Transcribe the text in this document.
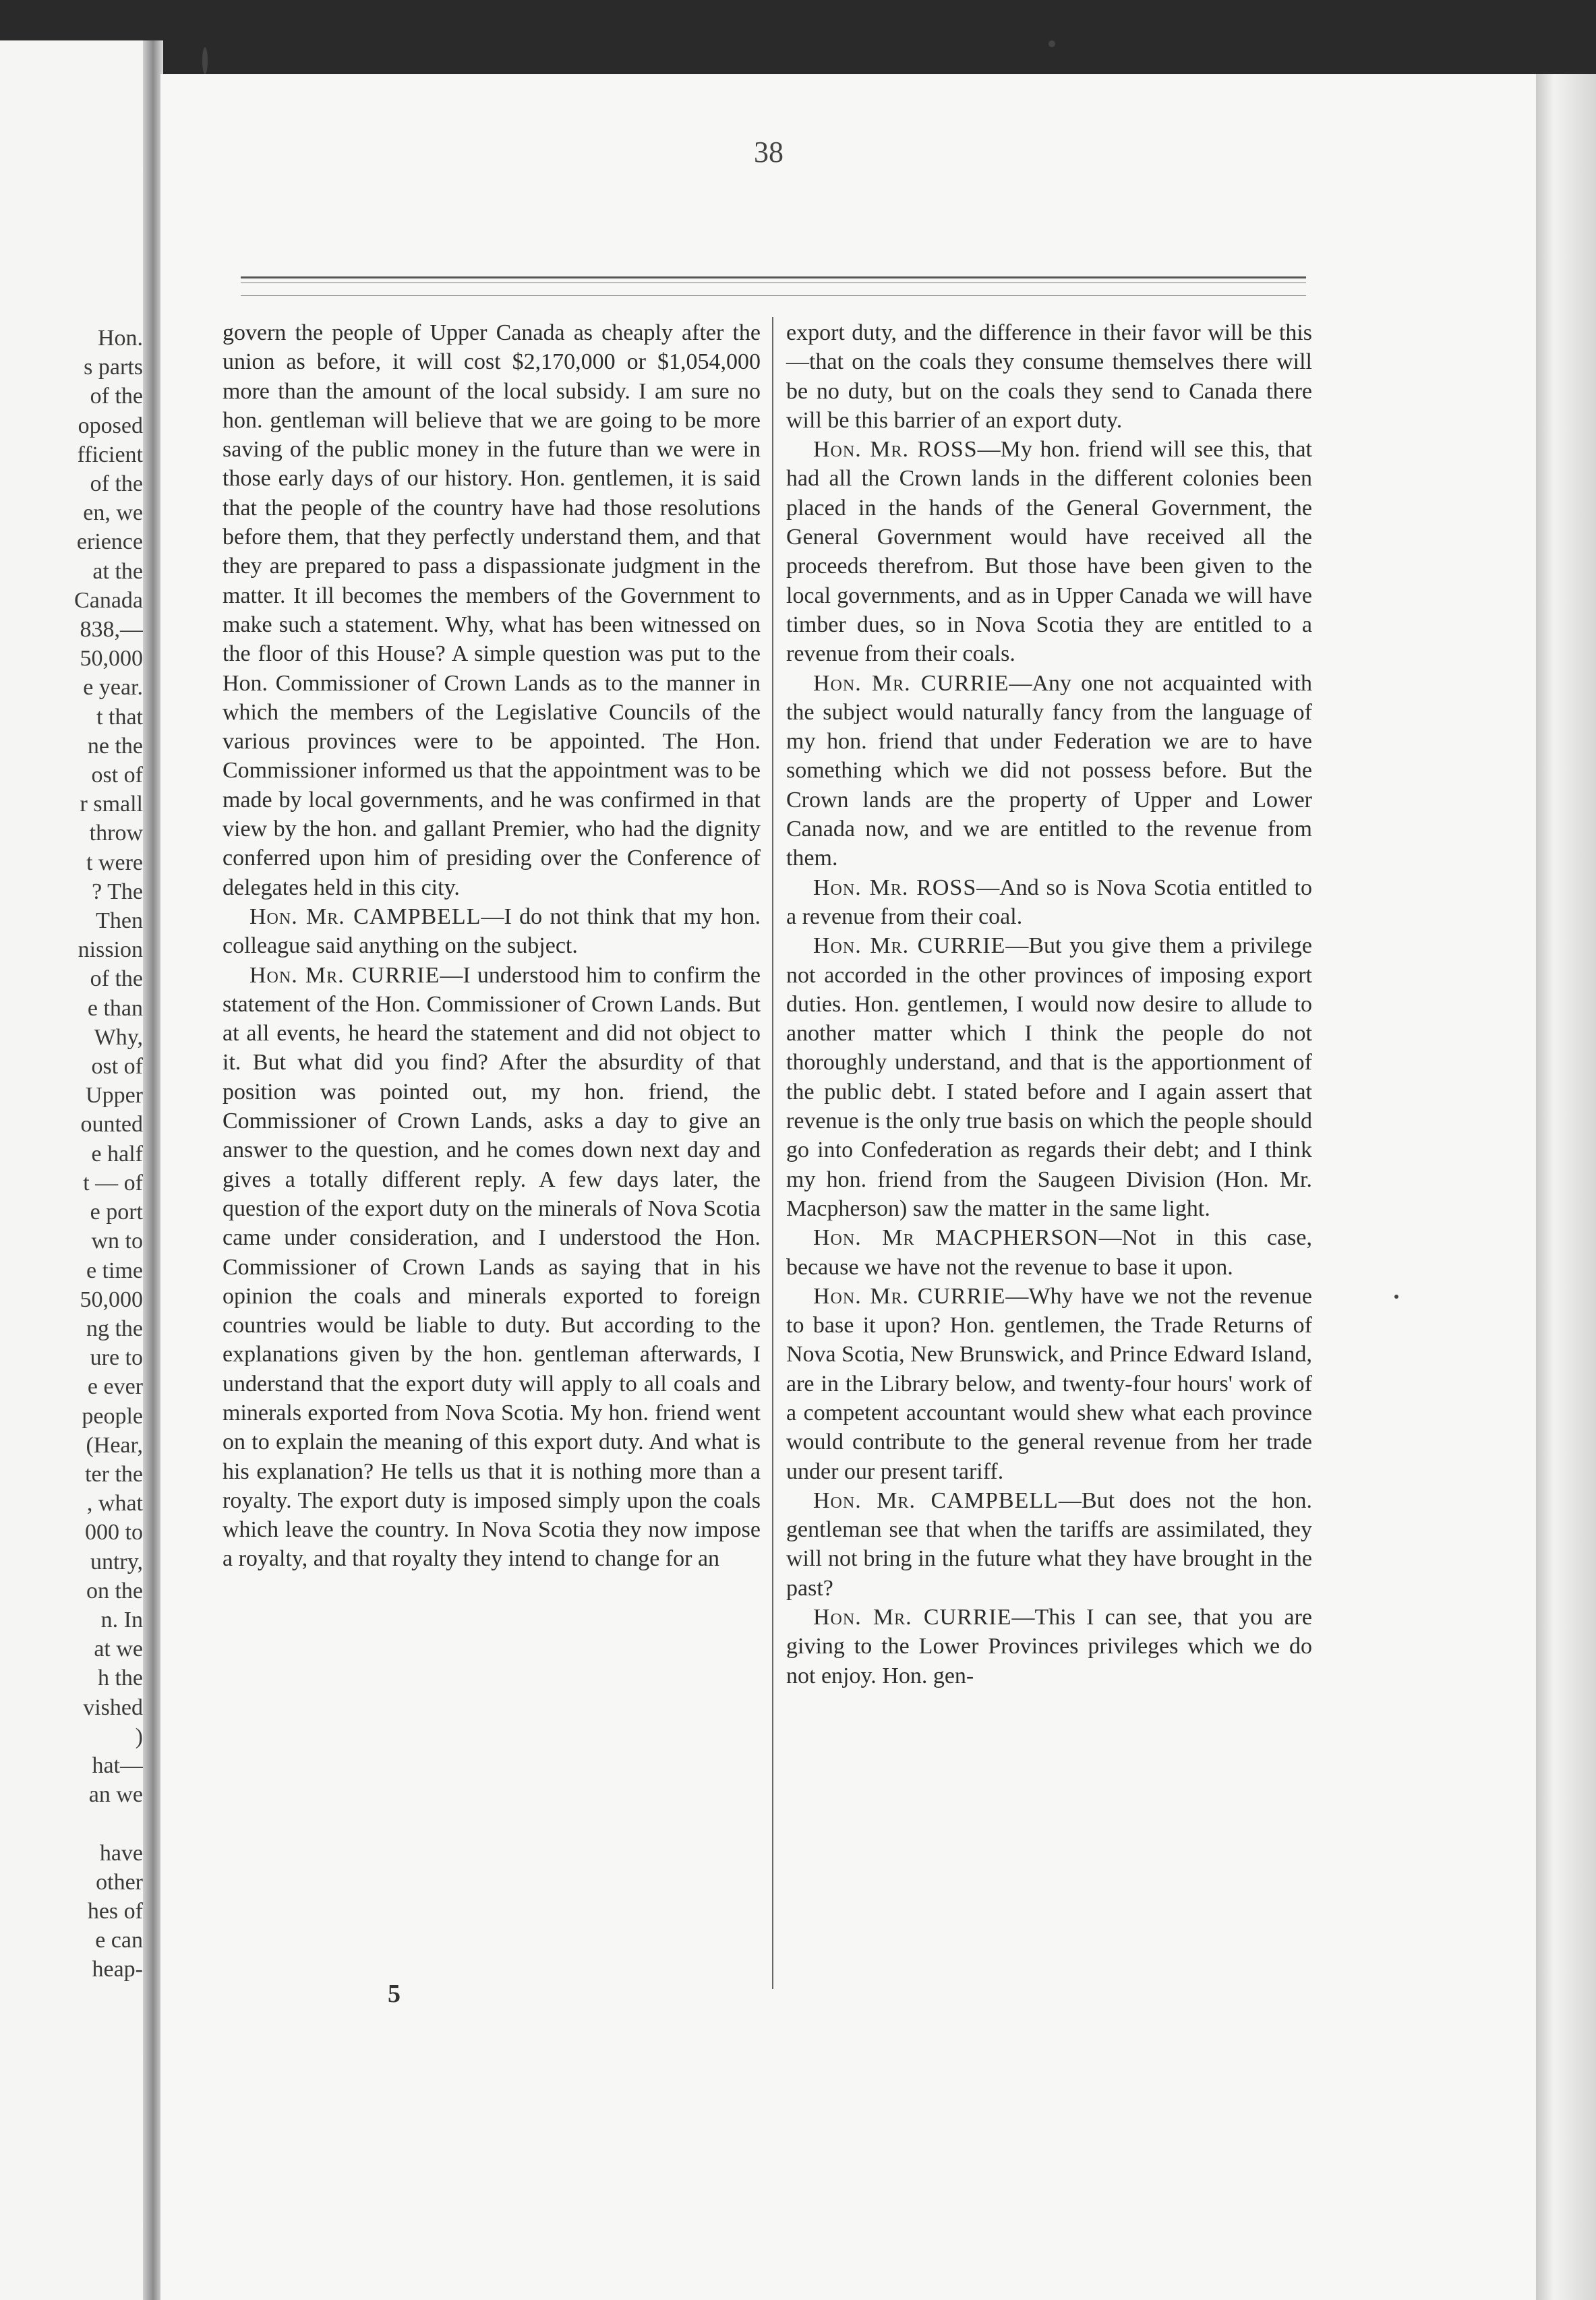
Hon.
s parts
of the
oposed
fficient
of the
en, we
erience
at the
Canada
838,—
50,000
e year.
t that
ne the
ost of
r small
throw
t were
? The
Then
nission
of the
e than
Why,
ost of
Upper
ounted
e half
t — of
e port
wn to
e time
50,000
ng the
ure to
e ever
people
(Hear,
ter the
, what
000 to
untry,
on the
n. In
at we
h the
vished
)
hat—
an we

have
other
hes of
e can
heap-
38

govern the people of Upper Canada as cheaply after the union as before, it will cost $2,170,000 or $1,054,000 more than the amount of the local subsidy. I am sure no hon. gentleman will believe that we are going to be more saving of the public money in the future than we were in those early days of our history. Hon. gentlemen, it is said that the people of the country have had those resolutions before them, that they perfectly understand them, and that they are prepared to pass a dispassionate judgment in the matter. It ill becomes the members of the Government to make such a statement. Why, what has been witnessed on the floor of this House? A simple question was put to the Hon. Commissioner of Crown Lands as to the manner in which the members of the Legislative Councils of the various provinces were to be appointed. The Hon. Commissioner informed us that the appointment was to be made by local governments, and he was confirmed in that view by the hon. and gallant Premier, who had the dignity conferred upon him of presiding over the Conference of delegates held in this city.

Hon. Mr. CAMPBELL—I do not think that my hon. colleague said anything on the subject.

Hon. Mr. CURRIE—I understood him to confirm the statement of the Hon. Commissioner of Crown Lands. But at all events, he heard the statement and did not object to it. But what did you find? After the absurdity of that position was pointed out, my hon. friend, the Commissioner of Crown Lands, asks a day to give an answer to the question, and he comes down next day and gives a totally different reply. A few days later, the question of the export duty on the minerals of Nova Scotia came under consideration, and I understood the Hon. Commissioner of Crown Lands as saying that in his opinion the coals and minerals exported to foreign countries would be liable to duty. But according to the explanations given by the hon. gentleman afterwards, I understand that the export duty will apply to all coals and minerals exported from Nova Scotia. My hon. friend went on to explain the meaning of this export duty. And what is his explanation? He tells us that it is nothing more than a royalty. The export duty is imposed simply upon the coals which leave the country. In Nova Scotia they now impose a royalty, and that royalty they intend to change for an

export duty, and the difference in their favor will be this—that on the coals they consume themselves there will be no duty, but on the coals they send to Canada there will be this barrier of an export duty.

Hon. Mr. ROSS—My hon. friend will see this, that had all the Crown lands in the different colonies been placed in the hands of the General Government, the General Government would have received all the proceeds therefrom. But those have been given to the local governments, and as in Upper Canada we will have timber dues, so in Nova Scotia they are entitled to a revenue from their coals.

Hon. Mr. CURRIE—Any one not acquainted with the subject would naturally fancy from the language of my hon. friend that under Federation we are to have something which we did not possess before. But the Crown lands are the property of Upper and Lower Canada now, and we are entitled to the revenue from them.

Hon. Mr. ROSS—And so is Nova Scotia entitled to a revenue from their coal.

Hon. Mr. CURRIE—But you give them a privilege not accorded in the other provinces of imposing export duties. Hon. gentlemen, I would now desire to allude to another matter which I think the people do not thoroughly understand, and that is the apportionment of the public debt. I stated before and I again assert that revenue is the only true basis on which the people should go into Confederation as regards their debt; and I think my hon. friend from the Saugeen Division (Hon. Mr. Macpherson) saw the matter in the same light.

Hon. Mr MACPHERSON—Not in this case, because we have not the revenue to base it upon.

Hon. Mr. CURRIE—Why have we not the revenue to base it upon? Hon. gentlemen, the Trade Returns of Nova Scotia, New Brunswick, and Prince Edward Island, are in the Library below, and twenty-four hours' work of a competent accountant would shew what each province would contribute to the general revenue from her trade under our present tariff.

Hon. Mr. CAMPBELL—But does not the hon. gentleman see that when the tariffs are assimilated, they will not bring in the future what they have brought in the past?

Hon. Mr. CURRIE—This I can see, that you are giving to the Lower Provinces privileges which we do not enjoy. Hon. gen-

5
